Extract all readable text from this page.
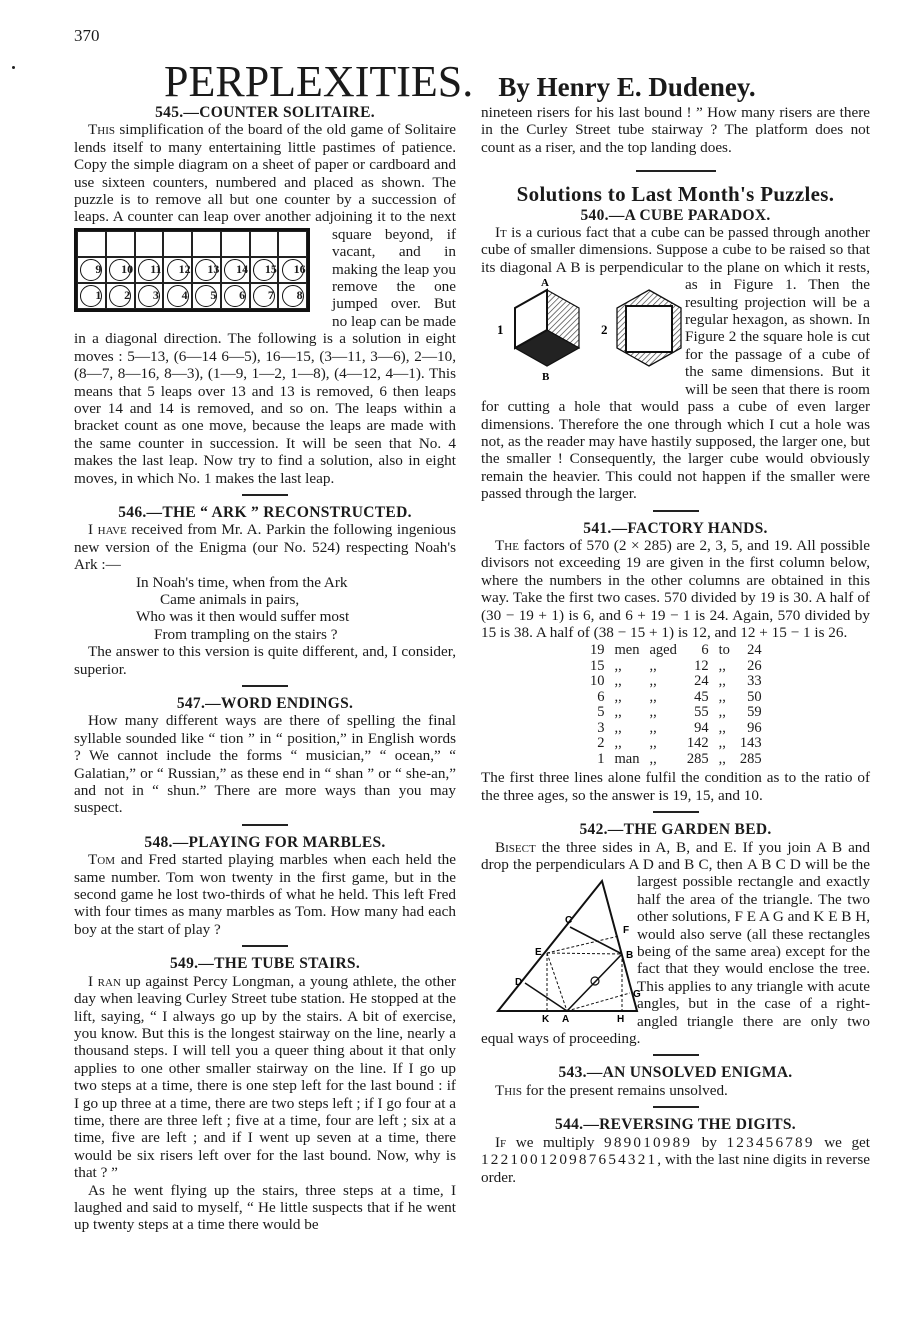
370
PERPLEXITIES. By Henry E. Dudeney.
545.—COUNTER SOLITAIRE.

This simplification of the board of the old game of Solitaire lends itself to many entertaining little pastimes of patience. Copy the simple diagram on a sheet of paper or cardboard and use sixteen counters, numbered and placed as shown. The puzzle is to remove all but one counter by a succession of leaps. A counter can leap over another adjoining it to the next
9	10	11	12	13	14	15	16
1	2	3	4	5	6	7	8
square beyond, if vacant, and in making the leap you remove the one jumped over. But no leap can be made in a diagonal direction. The following is a solution in eight moves : 5—13, (6—14 6—5), 16—15, (3—11, 3—6), 2—10, (8—7, 8—16, 8—3), (1—9, 1—2, 1—8), (4—12, 4—1). This means that 5 leaps over 13 and 13 is removed, 6 then leaps over 14 and 14 is removed, and so on. The leaps within a bracket count as one move, because the leaps are made with the same counter in succession. It will be seen that No. 4 makes the last leap. Now try to find a solution, also in eight moves, in which No. 1 makes the last leap.

546.—THE “ ARK ” RECONSTRUCTED.

I have received from Mr. A. Parkin the following ingenious new version of the Enigma (our No. 524) respecting Noah's Ark :—

In Noah's time, when from the Ark
Came animals in pairs,
Who was it then would suffer most
From trampling on the stairs ?

The answer to this version is quite different, and, I consider, superior.

547.—WORD ENDINGS.

How many different ways are there of spelling the final syllable sounded like “ tion ” in “ position,” in English words ? We cannot include the forms “ musician,” “ ocean,” “ Galatian,” or “ Russian,” as these end in “ shan ” or “ she-an,” and not in “ shun.” There are more ways than you may suspect.

548.—PLAYING FOR MARBLES.

Tom and Fred started playing marbles when each held the same number. Tom won twenty in the first game, but in the second game he lost two-thirds of what he held. This left Fred with four times as many marbles as Tom. How many had each boy at the start of play ?

549.—THE TUBE STAIRS.

I ran up against Percy Longman, a young athlete, the other day when leaving Curley Street tube station. He stopped at the lift, saying, “ I always go up by the stairs. A bit of exercise, you know. But this is the longest stairway on the line, nearly a thousand steps. I will tell you a queer thing about it that only applies to one other smaller stairway on the line. If I go up two steps at a time, there is one step left for the last bound : if I go up three at a time, there are two steps left ; if I go four at a time, there are three left ; five at a time, four are left ; six at a time, five are left ; and if I went up seven at a time, there would be six risers left over for the last bound. Now, why is that ? ”

As he went flying up the stairs, three steps at a time, I laughed and said to myself, “ He little suspects that if he went up twenty steps at a time there would be

nineteen risers for his last bound ! ” How many risers are there in the Curley Street tube stairway ? The platform does not count as a riser, and the top landing does.

Solutions to Last Month's Puzzles.
540.—A CUBE PARADOX.

It is a curious fact that a cube can be passed through another cube of smaller dimensions. Suppose a cube to be raised so that its diagonal A B is perpendicular to the plane on which it rests, as in Figure 1. Then
A
1
B
2
the resulting projection will be a regular hexagon, as shown. In Figure 2 the square hole is cut for the passage of a cube of the same dimensions. But it will be seen that there is room for cutting a hole that would pass a cube of even larger dimensions. Therefore the one through which I cut a hole was not, as the reader may have hastily supposed, the larger one, but the smaller ! Consequently, the larger cube would obviously remain the heavier. This could not happen if the smaller were passed through the larger.

541.—FACTORY HANDS.

The factors of 570 (2 × 285) are 2, 3, 5, and 19. All possible divisors not exceeding 19 are given in the first column below, where the numbers in the other columns are obtained in this way. Take the first two cases. 570 divided by 19 is 30. A half of (30 − 19 + 1) is 6, and 6 + 19 − 1 is 24. Again, 570 divided by 15 is 38. A half of (38 − 15 + 1) is 12, and 12 + 15 − 1 is 26.

19	men	aged	6	to	24
15	,,	,,	12	,,	26
10	,,	,,	24	,,	33
6	,,	,,	45	,,	50
5	,,	,,	55	,,	59
3	,,	,,	94	,,	96
2	,,	,,	142	,,	143
1	man	,,	285	,,	285

The first three lines alone fulfil the condition as to the ratio of the three ages, so the answer is 19, 15, and 10.

542.—THE GARDEN BED.

Bisect the three sides in A, B, and E. If you join A B and drop the perpendiculars A D and B C, then
C
F
E	B
D
G
K A	H
A B C D will be the largest possible rectangle and exactly half the area of the triangle. The two other solutions, F E A G and K E B H, would also serve (all these rectangles being of the same area) except for the fact that they would enclose the tree. This applies to any triangle with acute angles, but in the case of a right-angled triangle there are only two equal ways of proceeding.

543.—AN UNSOLVED ENIGMA.

This for the present remains unsolved.

544.—REVERSING THE DIGITS.

If we multiply 989010989 by 123456789 we get 122100120987654321, with the last nine digits in reverse order.
